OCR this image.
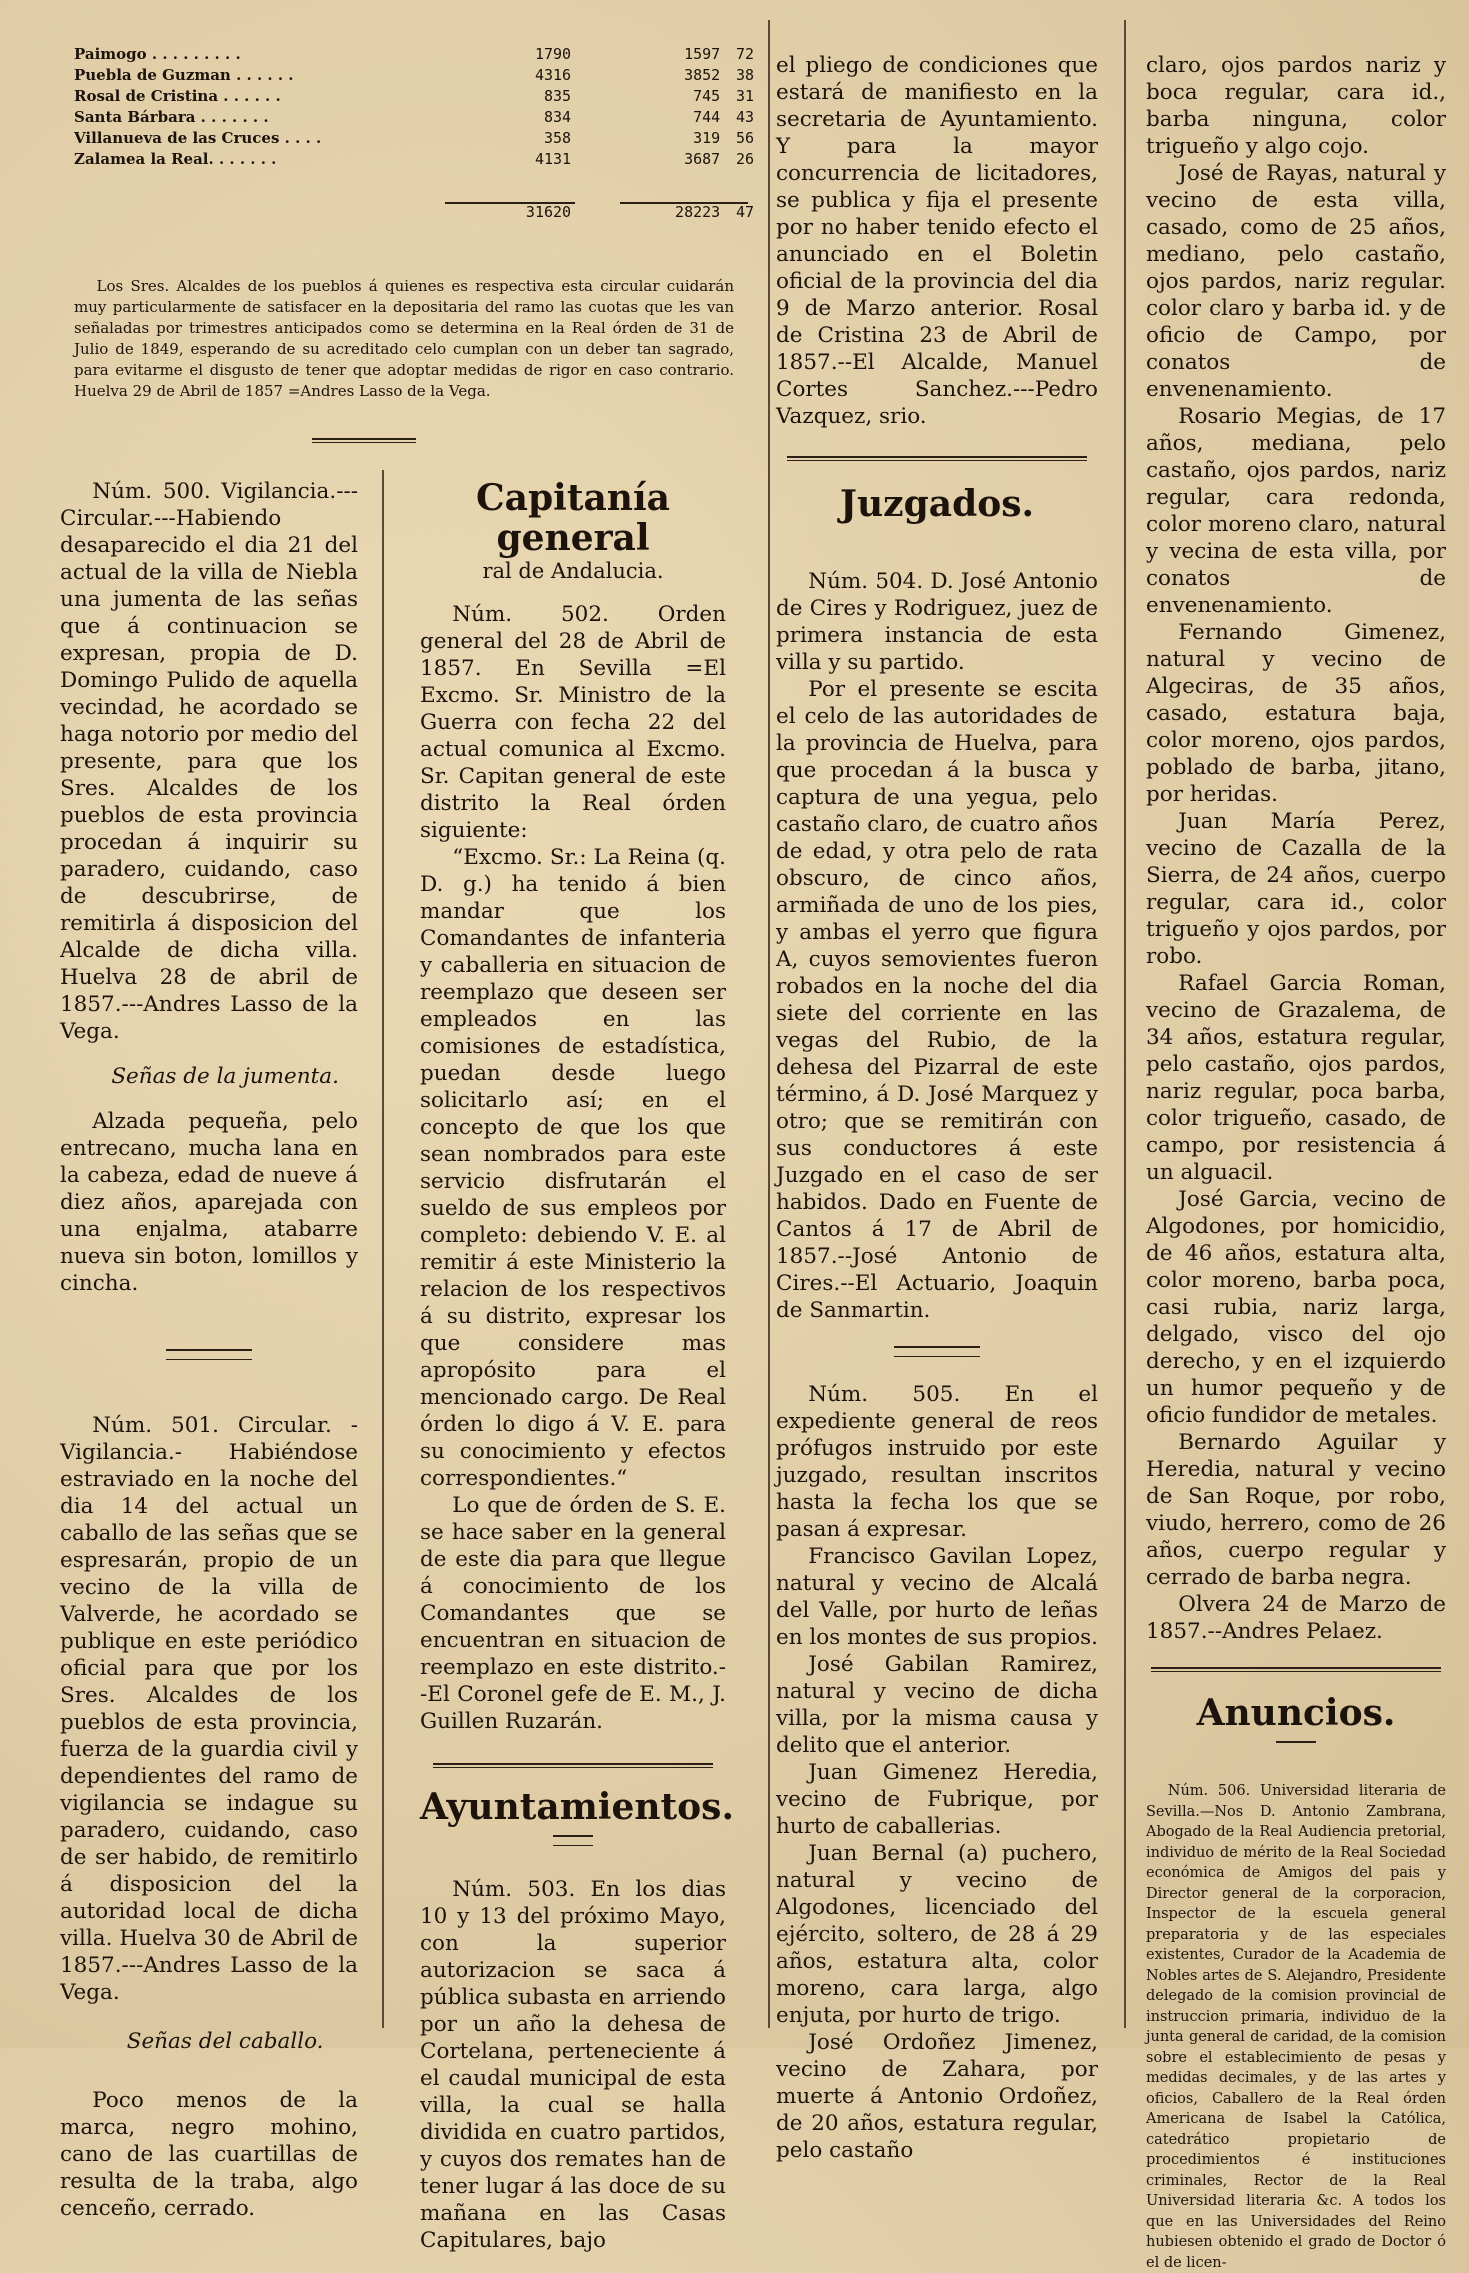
Paimogo . . . . . . . . .	1790	1597	72
Puebla de Guzman . . . . . .	4316	3852	38
Rosal de Cristina . . . . . .	835	745	31
Santa Bárbara . . . . . . .	834	744	43
Villanueva de las Cruces . . . .	358	319	56
Zalamea la Real. . . . . . .	4131	3687	26
31620	28223	47

Los Sres. Alcaldes de los pueblos á quienes es respectiva esta circular cuidarán muy particularmente de satisfacer en la depositaria del ramo las cuotas que les van señaladas por trimestres anticipados como se determina en la Real órden de 31 de Julio de 1849, esperando de su acreditado celo cumplan con un deber tan sagrado, para evitarme el disgusto de tener que adoptar medidas de rigor en caso contrario. Huelva 29 de Abril de 1857 =Andres Lasso de la Vega.

Núm. 500. Vigilancia.---Circular.---Habiendo desaparecido el dia 21 del actual de la villa de Niebla una jumenta de las señas que á continuacion se expresan, propia de D. Domingo Pulido de aquella vecindad, he acordado se haga notorio por medio del presente, para que los Sres. Alcaldes de los pueblos de esta provincia procedan á inquirir su paradero, cuidando, caso de descubrirse, de remitirla á disposicion del Alcalde de dicha villa. Huelva 28 de abril de 1857.---Andres Lasso de la Vega.

Señas de la jumenta.

Alzada pequeña, pelo entrecano, mucha lana en la cabeza, edad de nueve á diez años, aparejada con una enjalma, atabarre nueva sin boton, lomillos y cincha.

Núm. 501. Circular. -Vigilancia.- Habiéndose estraviado en la noche del dia 14 del actual un caballo de las señas que se espresarán, propio de un vecino de la villa de Valverde, he acordado se publique en este periódico oficial para que por los Sres. Alcaldes de los pueblos de esta provincia, fuerza de la guardia civil y dependientes del ramo de vigilancia se indague su paradero, cuidando, caso de ser habido, de remitirlo á disposicion del la autoridad local de dicha villa. Huelva 30 de Abril de 1857.---Andres Lasso de la Vega.

Señas del caballo.

Poco menos de la marca, negro mohino, cano de las cuartillas de resulta de la traba, algo cenceño, cerrado.

Capitanía general

ral de Andalucia.

Núm. 502. Orden general del 28 de Abril de 1857. En Sevilla =El Excmo. Sr. Ministro de la Guerra con fecha 22 del actual comunica al Excmo. Sr. Capitan general de este distrito la Real órden siguiente:

“Excmo. Sr.: La Reina (q. D. g.) ha tenido á bien mandar que los Comandantes de infanteria y caballeria en situacion de reemplazo que deseen ser empleados en las comisiones de estadística, puedan desde luego solicitarlo así; en el concepto de que los que sean nombrados para este servicio disfrutarán el sueldo de sus empleos por completo: debiendo V. E. al remitir á este Ministerio la relacion de los respectivos á su distrito, expresar los que considere mas apropósito para el mencionado cargo. De Real órden lo digo á V. E. para su conocimiento y efectos correspondientes.“

Lo que de órden de S. E. se hace saber en la general de este dia para que llegue á conocimiento de los Comandantes que se encuentran en situacion de reemplazo en este distrito.--El Coronel gefe de E. M., J. Guillen Ruzarán.

Ayuntamientos.

Núm. 503. En los dias 10 y 13 del próximo Mayo, con la superior autorizacion se saca á pública subasta en arriendo por un año la dehesa de Cortelana, perteneciente á el caudal municipal de esta villa, la cual se halla dividida en cuatro partidos, y cuyos dos remates han de tener lugar á las doce de su mañana en las Casas Capitulares, bajo

el pliego de condiciones que estará de manifiesto en la secretaria de Ayuntamiento. Y para la mayor concurrencia de licitadores, se publica y fija el presente por no haber tenido efecto el anunciado en el Boletin oficial de la provincia del dia 9 de Marzo anterior. Rosal de Cristina 23 de Abril de 1857.--El Alcalde, Manuel Cortes Sanchez.---Pedro Vazquez, srio.

Juzgados.

Núm. 504. D. José Antonio de Cires y Rodriguez, juez de primera instancia de esta villa y su partido.

Por el presente se escita el celo de las autoridades de la provincia de Huelva, para que procedan á la busca y captura de una yegua, pelo castaño claro, de cuatro años de edad, y otra pelo de rata obscuro, de cinco años, armiñada de uno de los pies, y ambas el yerro que figura A, cuyos semovientes fueron robados en la noche del dia siete del corriente en las vegas del Rubio, de la dehesa del Pizarral de este término, á D. José Marquez y otro; que se remitirán con sus conductores á este Juzgado en el caso de ser habidos. Dado en Fuente de Cantos á 17 de Abril de 1857.--José Antonio de Cires.--El Actuario, Joaquin de Sanmartin.

Núm. 505. En el expediente general de reos prófugos instruido por este juzgado, resultan inscritos hasta la fecha los que se pasan á expresar.

Francisco Gavilan Lopez, natural y vecino de Alcalá del Valle, por hurto de leñas en los montes de sus propios.

José Gabilan Ramirez, natural y vecino de dicha villa, por la misma causa y delito que el anterior.

Juan Gimenez Heredia, vecino de Fubrique, por hurto de caballerias.

Juan Bernal (a) puchero, natural y vecino de Algodones, licenciado del ejército, soltero, de 28 á 29 años, estatura alta, color moreno, cara larga, algo enjuta, por hurto de trigo.

José Ordoñez Jimenez, vecino de Zahara, por muerte á Antonio Ordoñez, de 20 años, estatura regular, pelo castaño

claro, ojos pardos nariz y boca regular, cara id., barba ninguna, color trigueño y algo cojo.

José de Rayas, natural y vecino de esta villa, casado, como de 25 años, mediano, pelo castaño, ojos pardos, nariz regular. color claro y barba id. y de oficio de Campo, por conatos de envenenamiento.

Rosario Megias, de 17 años, mediana, pelo castaño, ojos pardos, nariz regular, cara redonda, color moreno claro, natural y vecina de esta villa, por conatos de envenenamiento.

Fernando Gimenez, natural y vecino de Algeciras, de 35 años, casado, estatura baja, color moreno, ojos pardos, poblado de barba, jitano, por heridas.

Juan María Perez, vecino de Cazalla de la Sierra, de 24 años, cuerpo regular, cara id., color trigueño y ojos pardos, por robo.

Rafael Garcia Roman, vecino de Grazalema, de 34 años, estatura regular, pelo castaño, ojos pardos, nariz regular, poca barba, color trigueño, casado, de campo, por resistencia á un alguacil.

José Garcia, vecino de Algodones, por homicidio, de 46 años, estatura alta, color moreno, barba poca, casi rubia, nariz larga, delgado, visco del ojo derecho, y en el izquierdo un humor pequeño y de oficio fundidor de metales.

Bernardo Aguilar y Heredia, natural y vecino de San Roque, por robo, viudo, herrero, como de 26 años, cuerpo regular y cerrado de barba negra.

Olvera 24 de Marzo de 1857.--Andres Pelaez.

Anuncios.

Núm. 506. Universidad literaria de Sevilla.—Nos D. Antonio Zambrana, Abogado de la Real Audiencia pretorial, individuo de mérito de la Real Sociedad económica de Amigos del pais y Director general de la corporacion, Inspector de la escuela general preparatoria y de las especiales existentes, Curador de la Academia de Nobles artes de S. Alejandro, Presidente delegado de la comision provincial de instruccion primaria, individuo de la junta general de caridad, de la comision sobre el establecimiento de pesas y medidas decimales, y de las artes y oficios, Caballero de la Real órden Americana de Isabel la Católica, catedrático propietario de procedimientos é instituciones criminales, Rector de la Real Universidad literaria &c. A todos los que en las Universidades del Reino hubiesen obtenido el grado de Doctor ó el de licen-
